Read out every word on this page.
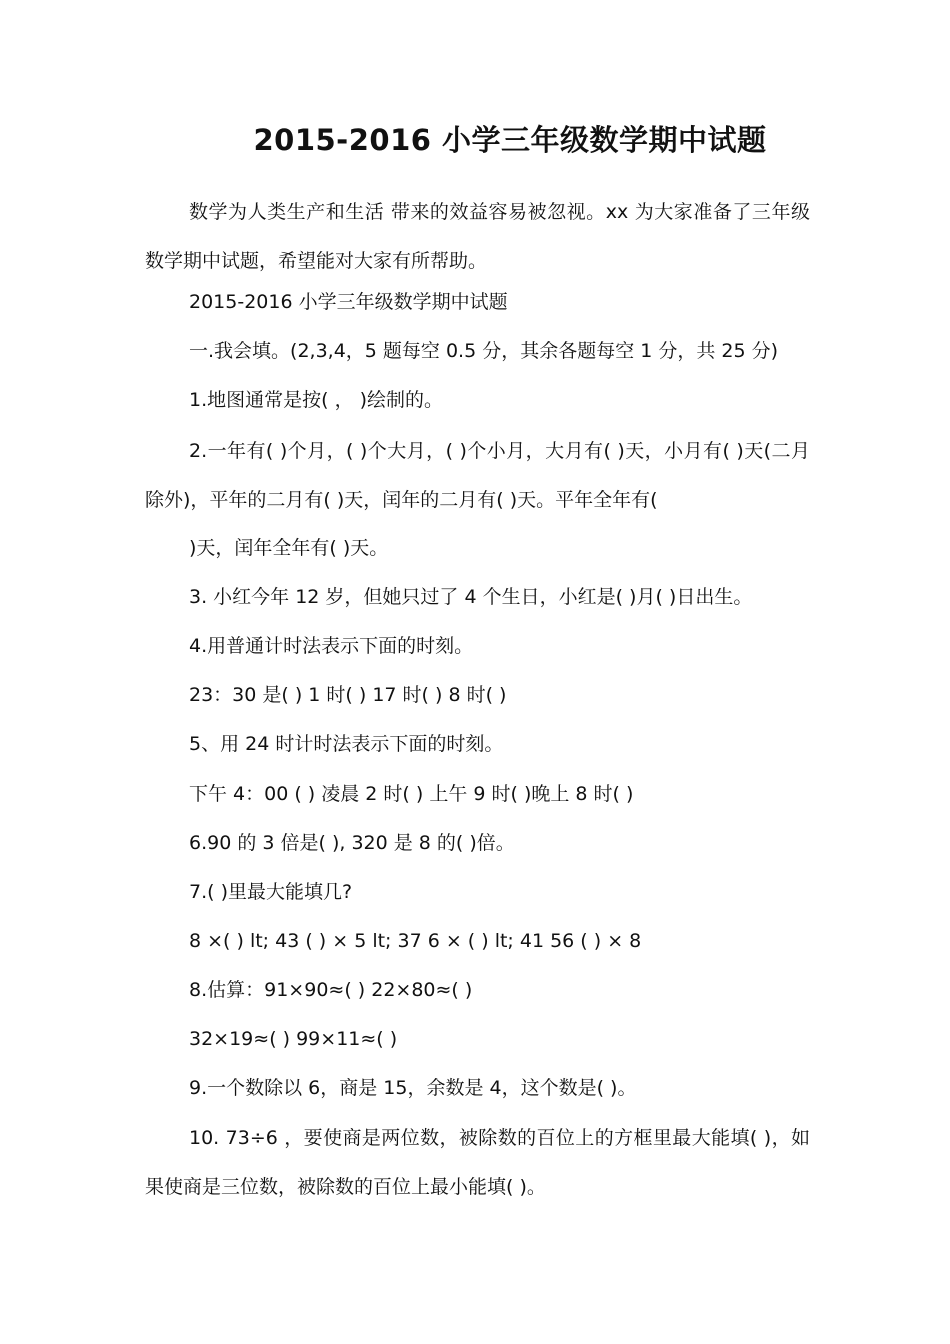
2015-2016 小学三年级数学期中试题
数学为人类生产和生活 带来的效益容易被忽视。xx 为大家准备了三年级数学期中试题，希望能对大家有所帮助。
2015-2016 小学三年级数学期中试题
一.我会填。(2,3,4，5 题每空 0.5 分，其余各题每空 1 分，共 25 分)
1.地图通常是按( ， )绘制的。
2.一年有( )个月，( )个大月，( )个小月，大月有( )天，小月有( )天(二月除外)，平年的二月有( )天，闰年的二月有( )天。平年全年有(
)天，闰年全年有( )天。
3. 小红今年 12 岁，但她只过了 4 个生日，小红是( )月( )日出生。
4.用普通计时法表示下面的时刻。
23：30 是( ) 1 时( ) 17 时( ) 8 时( )
5、用 24 时计时法表示下面的时刻。
下午 4：00 ( ) 凌晨 2 时( ) 上午 9 时( )晚上 8 时( )
6.90 的 3 倍是( ), 320 是 8 的( )倍。
7.( )里最大能填几?
8 ×( ) lt; 43 ( ) × 5 lt; 37 6 × ( ) lt; 41 56 ( ) × 8
8.估算：91×90≈( ) 22×80≈( )
32×19≈( ) 99×11≈( )
9.一个数除以 6，商是 15，余数是 4，这个数是( )。
10. 73÷6 ，要使商是两位数，被除数的百位上的方框里最大能填( )，如果使商是三位数，被除数的百位上最小能填( )。
